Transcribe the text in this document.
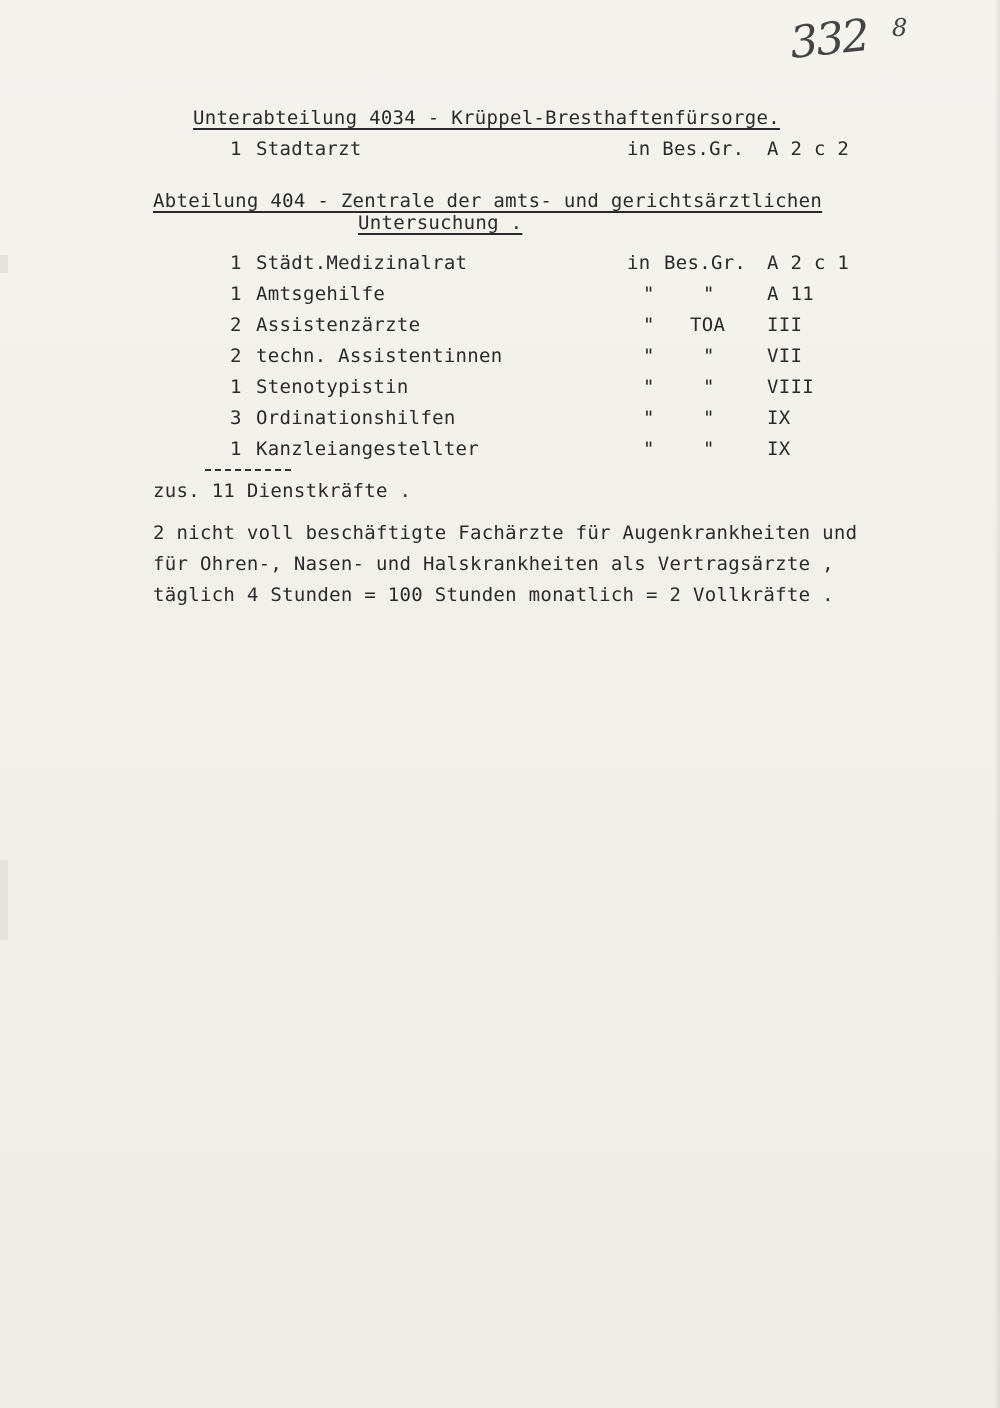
332 8
Unterabteilung 4034 - Krüppel-Bresthaftenfürsorge.
1 Stadtarzt	in Bes.Gr. A 2 c 2
Abteilung 404 - Zentrale der amts- und gerichtsärztlichen
Untersuchung .
1 Städt.Medizinalrat	in Bes.Gr. A 2 c 1
1 Amtsgehilfe	"	"	A 11
2 Assistenzärzte	" TOA III
2 techn. Assistentinnen	"	"	VII
1 Stenotypistin	"	"	VIII
3 Ordinationshilfen	"	"	IX
1 Kanzleiangestellter	"	"	IX
zus. 11 Dienstkräfte .
2 nicht voll beschäftigte Fachärzte für Augenkrankheiten und
für Ohren-, Nasen- und Halskrankheiten als Vertragsärzte ,
täglich 4 Stunden = 100 Stunden monatlich = 2 Vollkräfte .
